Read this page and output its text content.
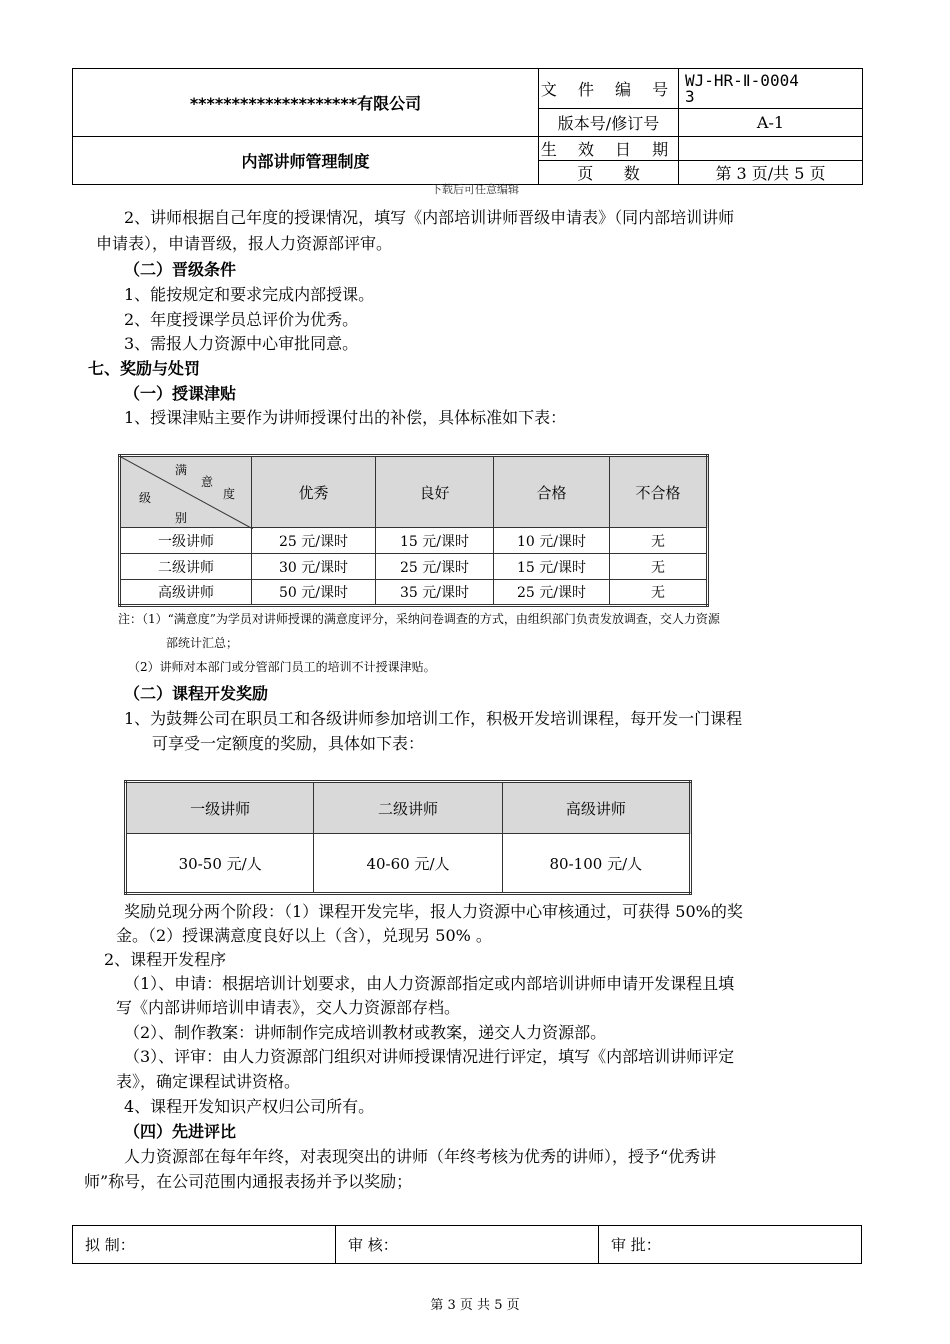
********************有限公司	文 件 编 号	WJ-HR-Ⅱ-0004
3
	版本号/修订号	A-1
内部讲师管理制度	生 效 日 期	
	页      数	第 3 页/共 5 页
下载后可任意编辑
2、讲师根据自己年度的授课情况，填写《内部培训讲师晋级申请表》（同内部培训讲师
申请表），申请晋级，报人力资源部评审。
（二）晋级条件
1、能按规定和要求完成内部授课。
2、年度授课学员总评价为优秀。
3、需报人力资源中心审批同意。
七、奖励与处罚
（一）授课津贴
1、授课津贴主要作为讲师授课付出的补偿，具体标准如下表：
满
意
度
级
别	优秀	良好	合格	不合格
一级讲师	25 元/课时	15 元/课时	10 元/课时	无
二级讲师	30 元/课时	25 元/课时	15 元/课时	无
高级讲师	50 元/课时	35 元/课时	25 元/课时	无
注：（1）“满意度”为学员对讲师授课的满意度评分，采纳问卷调查的方式，由组织部门负责发放调查，交人力资源
部统计汇总；
（2）讲师对本部门或分管部门员工的培训不计授课津贴。
（二）课程开发奖励
1、为鼓舞公司在职员工和各级讲师参加培训工作，积极开发培训课程，每开发一门课程
可享受一定额度的奖励，具体如下表：
一级讲师	二级讲师	高级讲师
30-50 元/人	40-60 元/人	80-100 元/人
奖励兑现分两个阶段：（1）课程开发完毕，报人力资源中心审核通过，可获得 50%的奖
金。（2）授课满意度良好以上（含），兑现另 50% 。
2、课程开发程序
（1）、申请：根据培训计划要求，由人力资源部指定或内部培训讲师申请开发课程且填
写《内部讲师培训申请表》，交人力资源部存档。
（2）、制作教案：讲师制作完成培训教材或教案，递交人力资源部。
（3）、评审：由人力资源部门组织对讲师授课情况进行评定，填写《内部培训讲师评定
表》，确定课程试讲资格。
4、课程开发知识产权归公司所有。
（四）先进评比
人力资源部在每年年终，对表现突出的讲师（年终考核为优秀的讲师），授予“优秀讲
师”称号，在公司范围内通报表扬并予以奖励；
拟 制：	审 核：	审 批：
第 3 页 共 5 页
